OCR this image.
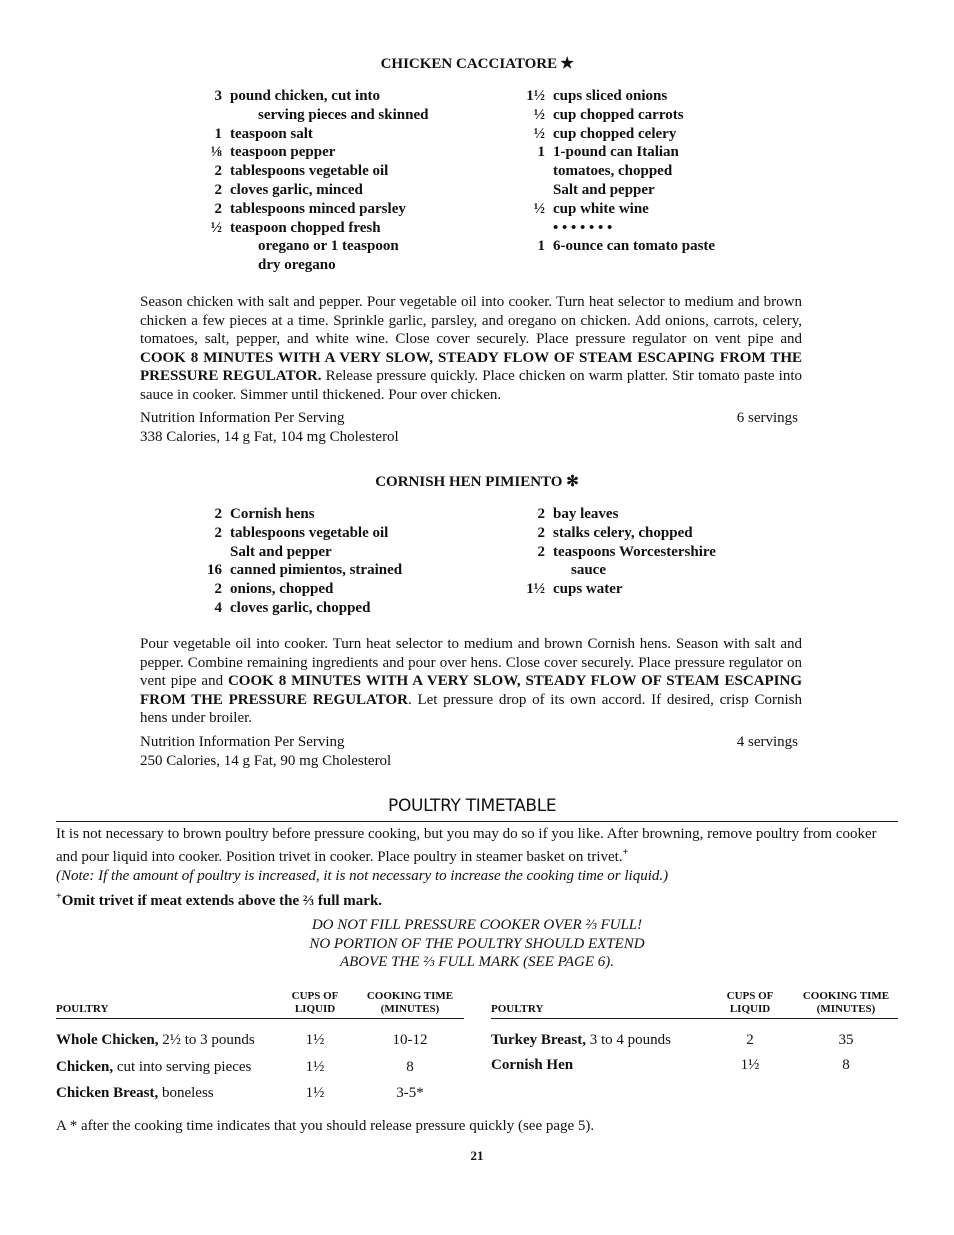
CHICKEN CACCIATORE ✭
3 pound chicken, cut into
serving pieces and skinned
1 teaspoon salt
⅛ teaspoon pepper
2 tablespoons vegetable oil
2 cloves garlic, minced
2 tablespoons minced parsley
½ teaspoon chopped fresh
oregano or 1 teaspoon
dry oregano
1½ cups sliced onions
½ cup chopped carrots
½ cup chopped celery
1 1-pound can Italian
tomatoes, chopped
Salt and pepper
½ cup white wine
• • • • • • •
1 6-ounce can tomato paste
Season chicken with salt and pepper. Pour vegetable oil into cooker. Turn heat selector to medium and brown chicken a few pieces at a time. Sprinkle garlic, parsley, and oregano on chicken. Add onions, carrots, celery, tomatoes, salt, pepper, and white wine. Close cover securely. Place pressure regulator on vent pipe and COOK 8 MINUTES WITH A VERY SLOW, STEADY FLOW OF STEAM ESCAPING FROM THE PRESSURE REGULATOR. Release pressure quickly. Place chicken on warm platter. Stir tomato paste into sauce in cooker. Simmer until thickened. Pour over chicken.
Nutrition Information Per Serving	6 servings
338 Calories, 14 g Fat, 104 mg Cholesterol
CORNISH HEN PIMIENTO ✻
2 Cornish hens
2 tablespoons vegetable oil
Salt and pepper
16 canned pimientos, strained
2 onions, chopped
4 cloves garlic, chopped
2 bay leaves
2 stalks celery, chopped
2 teaspoons Worcestershire
sauce
1½ cups water
Pour vegetable oil into cooker. Turn heat selector to medium and brown Cornish hens. Season with salt and pepper. Combine remaining ingredients and pour over hens. Close cover securely. Place pressure regulator on vent pipe and COOK 8 MINUTES WITH A VERY SLOW, STEADY FLOW OF STEAM ESCAPING FROM THE PRESSURE REGULATOR. Let pressure drop of its own accord. If desired, crisp Cornish hens under broiler.
Nutrition Information Per Serving	4 servings
250 Calories, 14 g Fat, 90 mg Cholesterol
POULTRY TIMETABLE
It is not necessary to brown poultry before pressure cooking, but you may do so if you like. After browning, remove poultry from cooker and pour liquid into cooker. Position trivet in cooker. Place poultry in steamer basket on trivet.+
(Note: If the amount of poultry is increased, it is not necessary to increase the cooking time or liquid.)
+Omit trivet if meat extends above the ⅔ full mark.
DO NOT FILL PRESSURE COOKER OVER ⅔ FULL!
NO PORTION OF THE POULTRY SHOULD EXTEND
ABOVE THE ⅔ FULL MARK (SEE PAGE 6).
POULTRY
CUPS OF
LIQUID
COOKING TIME
(MINUTES)	POULTRY
CUPS OF
LIQUID
COOKING TIME
(MINUTES)
Whole Chicken, 2½ to 3 pounds	1½	10-12
Chicken, cut into serving pieces	1½	8
Chicken Breast, boneless	1½	3-5*
Turkey Breast, 3 to 4 pounds	2	35
Cornish Hen	1½	8
A * after the cooking time indicates that you should release pressure quickly (see page 5).
21
